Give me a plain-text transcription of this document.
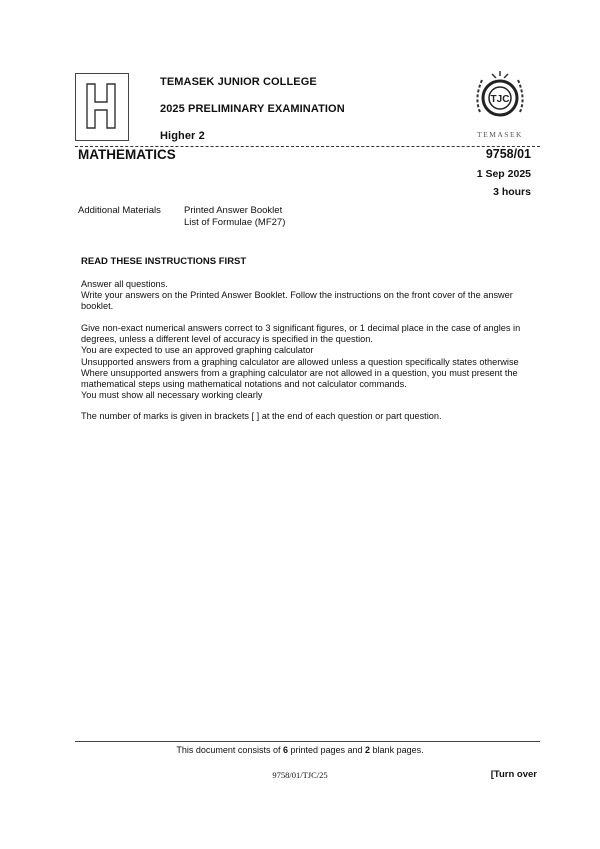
TEMASEK JUNIOR COLLEGE
2025 PRELIMINARY EXAMINATION
Higher 2
TJC
TEMASEK
MATHEMATICS	9758/01
1 Sep 2025
3 hours
Additional Materials Printed Answer Booklet
List of Formulae (MF27)
READ THESE INSTRUCTIONS FIRST
Answer all questions.
Write your answers on the Printed Answer Booklet. Follow the instructions on the front cover of the answer booklet.
Give non-exact numerical answers correct to 3 significant figures, or 1 decimal place in the case of angles in degrees, unless a different level of accuracy is specified in the question.
You are expected to use an approved graphing calculator
Unsupported answers from a graphing calculator are allowed unless a question specifically states otherwise
Where unsupported answers from a graphing calculator are not allowed in a question, you must present the mathematical steps using mathematical notations and not calculator commands.
You must show all necessary working clearly
The number of marks is given in brackets [ ] at the end of each question or part question.
This document consists of 6 printed pages and 2 blank pages.
9758/01/TJC/25	[Turn over
